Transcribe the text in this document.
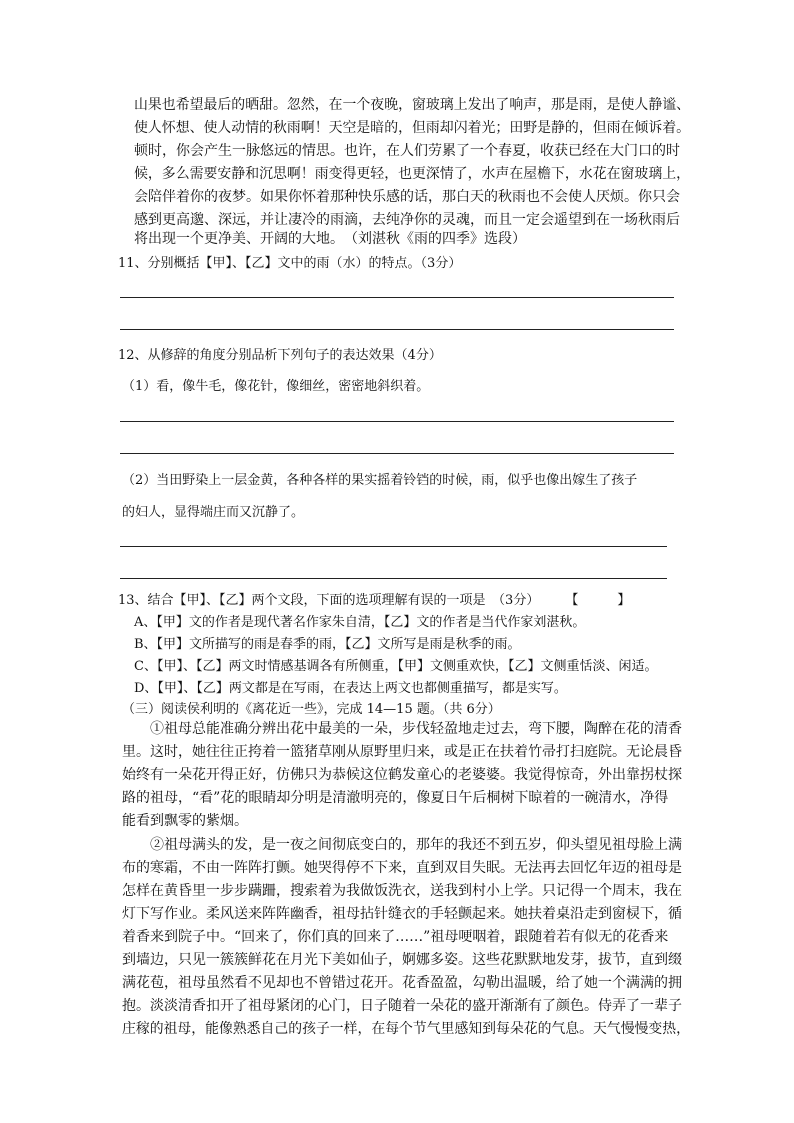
山果也希望最后的晒甜。忽然，在一个夜晚，窗玻璃上发出了响声，那是雨，是使人静谧、
使人怀想、使人动情的秋雨啊！天空是暗的，但雨却闪着光；田野是静的，但雨在倾诉着。
顿时，你会产生一脉悠远的情思。也许，在人们劳累了一个春夏，收获已经在大门口的时
候，多么需要安静和沉思啊！雨变得更轻，也更深情了，水声在屋檐下，水花在窗玻璃上，
会陪伴着你的夜梦。如果你怀着那种快乐感的话，那白天的秋雨也不会使人厌烦。你只会
感到更高邈、深远，并让凄冷的雨滴，去纯净你的灵魂，而且一定会遥望到在一场秋雨后
将出现一个更净美、开阔的大地。　（刘湛秋《雨的四季》选段）
11、分别概括【甲】、【乙】文中的雨（水）的特点。（3分）
12、从修辞的角度分别品析下列句子的表达效果（4分）
（1）看，像牛毛，像花针，像细丝，密密地斜织着。
（2）当田野染上一层金黄，各种各样的果实摇着铃铛的时候，雨，似乎也像出嫁生了孩子
的妇人，显得端庄而又沉静了。
13、结合【甲】、【乙】两个文段，下面的选项理解有误的一项是　（3分）　　　【　　　】
A、【甲】文的作者是现代著名作家朱自清，【乙】文的作者是当代作家刘湛秋。
B、【甲】文所描写的雨是春季的雨，【乙】文所写是雨是秋季的雨。
C、【甲】、【乙】两文时情感基调各有所侧重，【甲】文侧重欢快，【乙】文侧重恬淡、闲适。
D、【甲】、【乙】两文都是在写雨，在表达上两文也都侧重描写，都是实写。
（三）阅读侯利明的《离花近一些》，完成 14—15 题。（共 6分）
　　①祖母总能准确分辨出花中最美的一朵，步伐轻盈地走过去，弯下腰，陶醉在花的清香
里。这时，她往往正挎着一篮猪草刚从原野里归来，或是正在扶着竹帚打扫庭院。无论晨昏
始终有一朵花开得正好，仿佛只为恭候这位鹤发童心的老婆婆。我觉得惊奇，外出靠拐杖探
路的祖母，“看”花的眼睛却分明是清澈明亮的，像夏日午后桐树下晾着的一碗清水，净得
能看到飘零的紫烟。
　　②祖母满头的发，是一夜之间彻底变白的，那年的我还不到五岁，仰头望见祖母脸上满
布的寒霜，不由一阵阵打颤。她哭得停不下来，直到双目失眠。无法再去回忆年迈的祖母是
怎样在黄昏里一步步蹒跚，搜索着为我做饭洗衣，送我到村小上学。只记得一个周末，我在
灯下写作业。柔风送来阵阵幽香，祖母拈针缝衣的手轻颤起来。她扶着桌沿走到窗棂下，循
着香来到院子中。“回来了，你们真的回来了……”祖母哽咽着，跟随着若有似无的花香来
到墙边，只见一簇簇鲜花在月光下美如仙子，婀娜多姿。这些花默默地发芽，拔节，直到缀
满花苞，祖母虽然看不见却也不曾错过花开。花香盈盈，勾勒出温暖，给了她一个满满的拥
抱。淡淡清香扣开了祖母紧闭的心门，日子随着一朵花的盛开渐渐有了颜色。侍弄了一辈子
庄稼的祖母，能像熟悉自己的孩子一样，在每个节气里感知到每朵花的气息。天气慢慢变热，
